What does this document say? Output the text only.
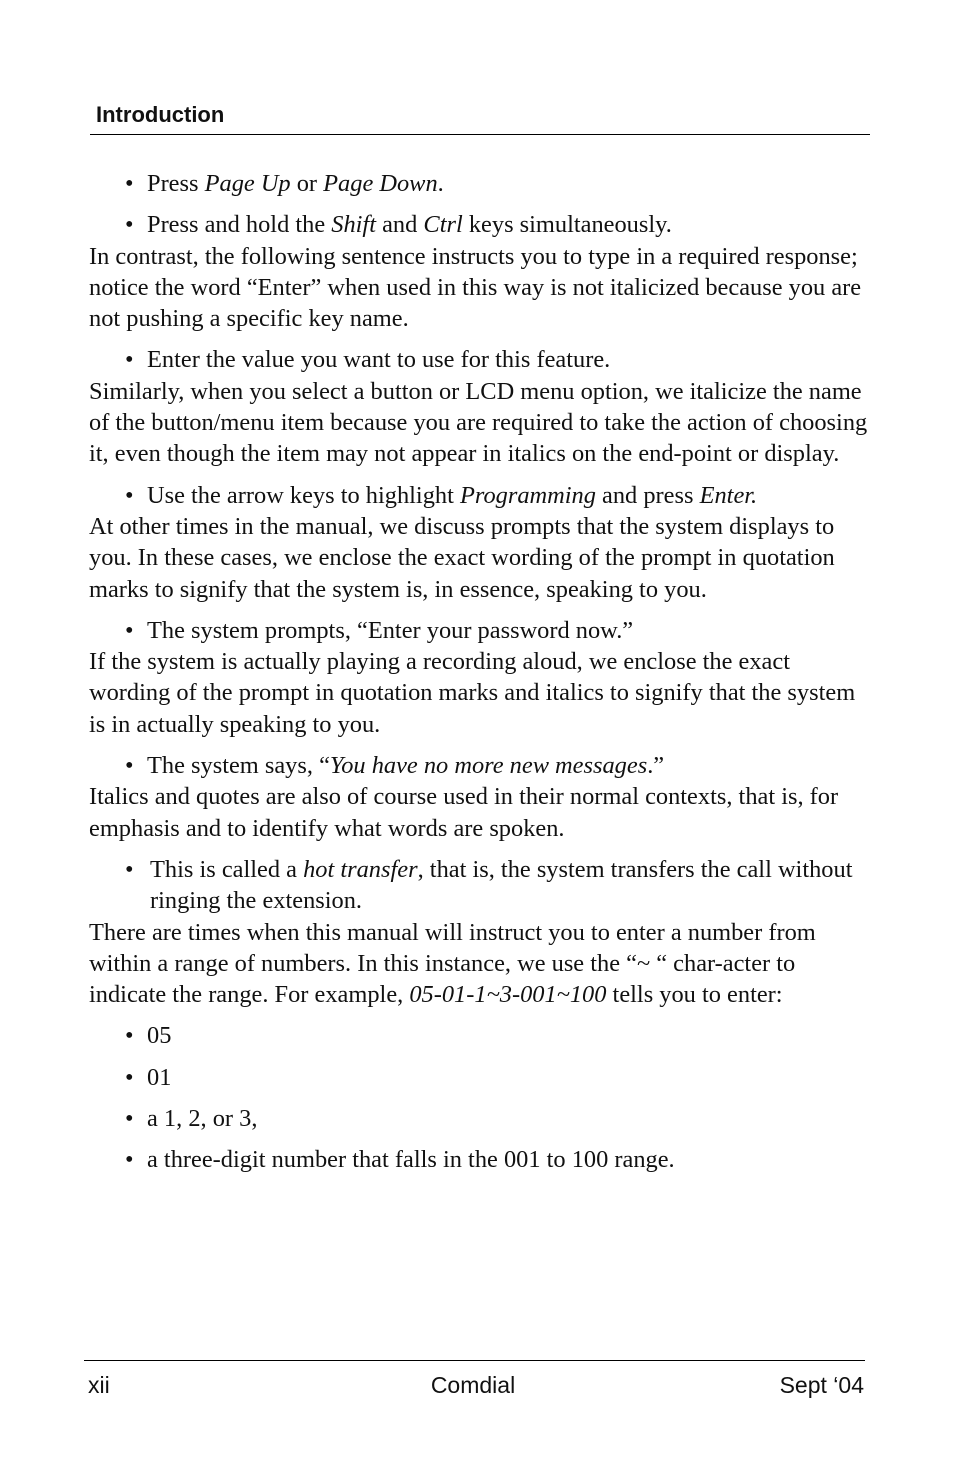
Introduction
• Press Page Up or Page Down.
• Press and hold the Shift and Ctrl keys simultaneously.

In contrast, the following sentence instructs you to type in a required response; notice the word “Enter” when used in this way is not italicized because you are not pushing a specific key name.

• Enter the value you want to use for this feature.

Similarly, when you select a button or LCD menu option, we italicize the name of the button/menu item because you are required to take the action of choosing it, even though the item may not appear in italics on the end-point or display.

• Use the arrow keys to highlight Programming and press Enter.

At other times in the manual, we discuss prompts that the system displays to you. In these cases, we enclose the exact wording of the prompt in quotation marks to signify that the system is, in essence, speaking to you.

• The system prompts, “Enter your password now.”

If the system is actually playing a recording aloud, we enclose the exact wording of the prompt in quotation marks and italics to signify that the system is in actually speaking to you.

• The system says, “You have no more new messages.”

Italics and quotes are also of course used in their normal contexts, that is, for emphasis and to identify what words are spoken.

• This is called a hot transfer, that is, the system transfers the call without ringing the extension.

There are times when this manual will instruct you to enter a number from within a range of numbers. In this instance, we use the “~ “ char-acter to indicate the range. For example, 05-01-1~3-001~100 tells you to enter:

• 05
• 01
• a 1, 2, or 3,
• a three-digit number that falls in the 001 to 100 range.
xii	Comdial	Sept ‘04
